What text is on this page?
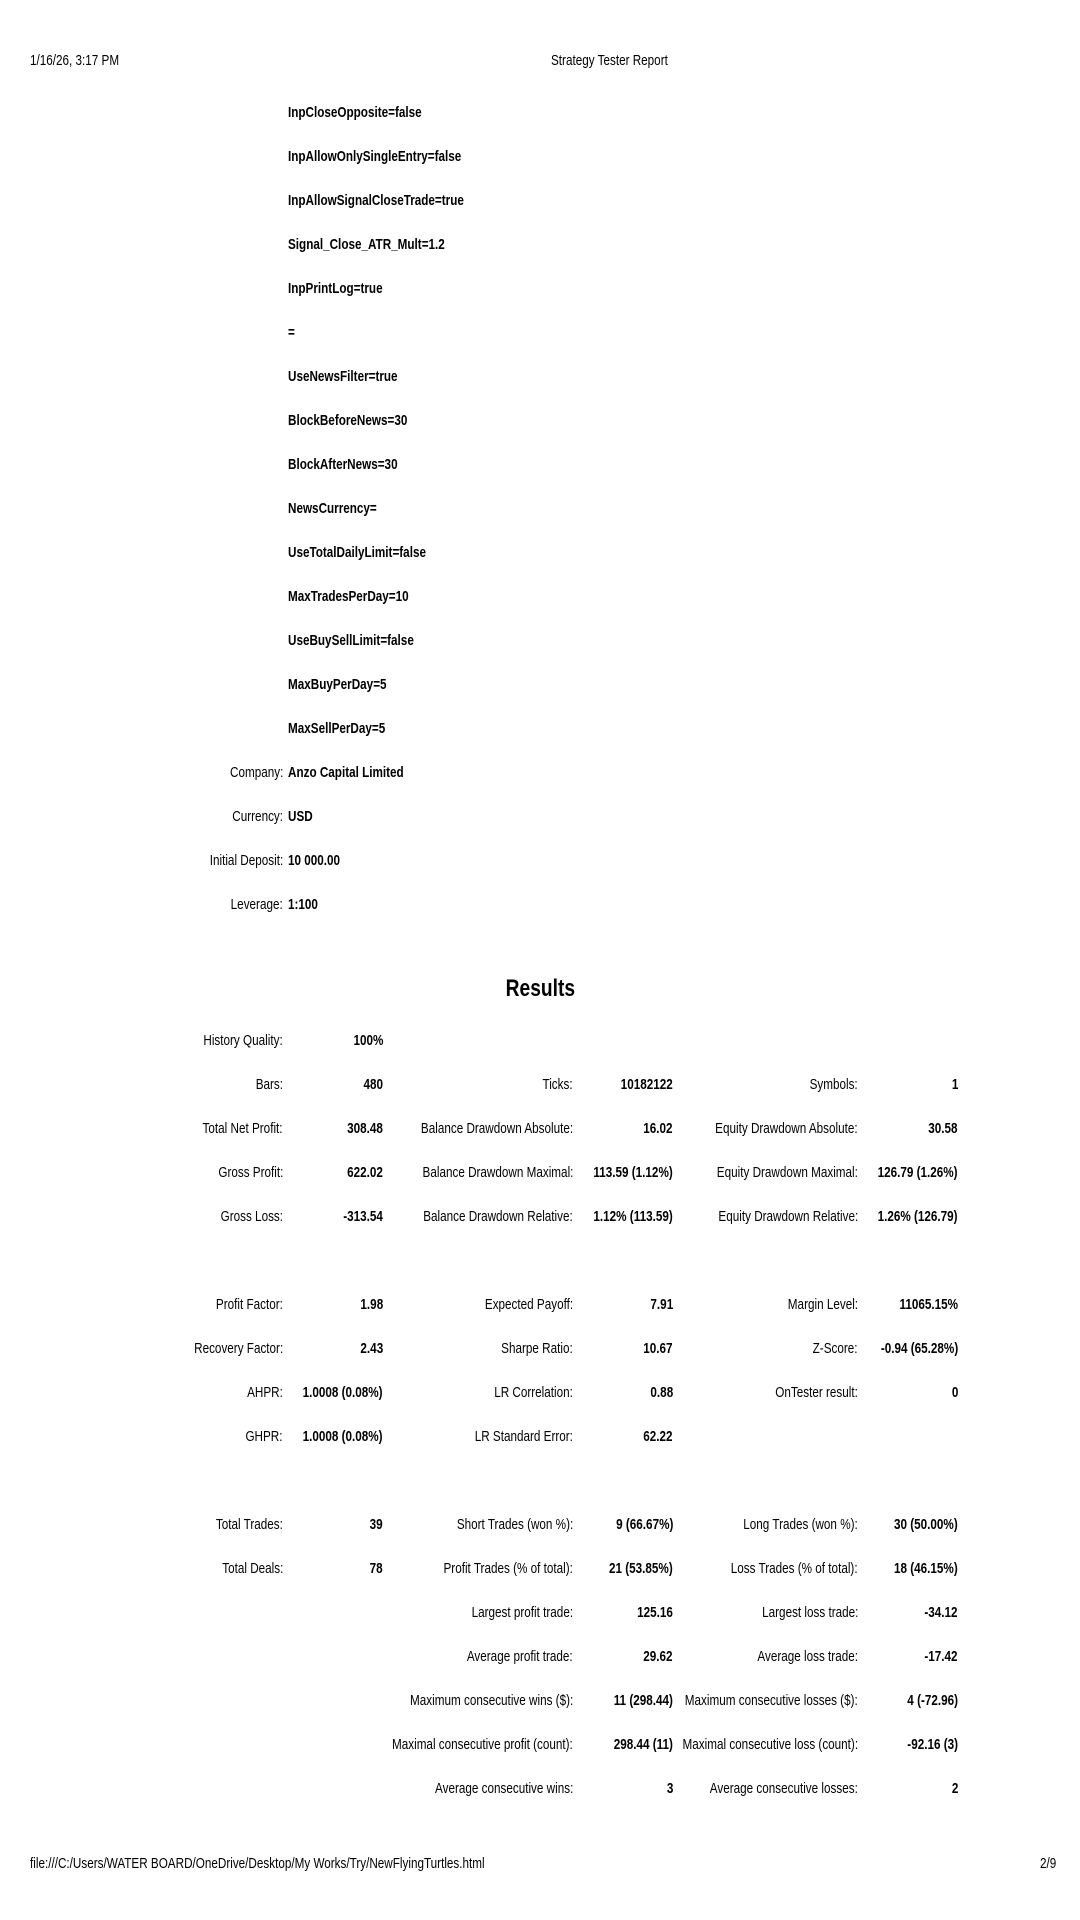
1/16/26, 3:17 PM	Strategy Tester Report
InpCloseOpposite=false
InpAllowOnlySingleEntry=false
InpAllowSignalCloseTrade=true
Signal_Close_ATR_Mult=1.2
InpPrintLog=true
=
UseNewsFilter=true
BlockBeforeNews=30
BlockAfterNews=30
NewsCurrency=
UseTotalDailyLimit=false
MaxTradesPerDay=10
UseBuySellLimit=false
MaxBuyPerDay=5
MaxSellPerDay=5
Company: Anzo Capital Limited
Currency: USD
Initial Deposit: 10 000.00
Leverage: 1:100
Results
History Quality:	100%
Bars:	480	Ticks:	10182122	Symbols:	1
Total Net Profit:	308.48	Balance Drawdown Absolute:	16.02	Equity Drawdown Absolute:	30.58
Gross Profit:	622.02	Balance Drawdown Maximal: 113.59 (1.12%)	Equity Drawdown Maximal: 126.79 (1.26%)
Gross Loss:	-313.54	Balance Drawdown Relative: 1.12% (113.59)	Equity Drawdown Relative: 1.26% (126.79)
Profit Factor:	1.98	Expected Payoff:	7.91	Margin Level:	11065.15%
Recovery Factor:	2.43	Sharpe Ratio:	10.67	Z-Score: -0.94 (65.28%)
AHPR: 1.0008 (0.08%)	LR Correlation:	0.88	OnTester result:	0
GHPR: 1.0008 (0.08%)	LR Standard Error:	62.22
Total Trades:	39	Short Trades (won %):	9 (66.67%)	Long Trades (won %): 30 (50.00%)
Total Deals:	78	Profit Trades (% of total): 21 (53.85%)	Loss Trades (% of total): 18 (46.15%)
Largest profit trade:	125.16	Largest loss trade:	-34.12
Average profit trade:	29.62	Average loss trade:	-17.42
Maximum consecutive wins ($):	11 (298.44) Maximum consecutive losses ($):	4 (-72.96)
Maximal consecutive profit (count):	298.44 (11) Maximal consecutive loss (count):	-92.16 (3)
Average consecutive wins:	3 Average consecutive losses:	2
file:///C:/Users/WATER BOARD/OneDrive/Desktop/My Works/Try/NewFlyingTurtles.html	2/9
